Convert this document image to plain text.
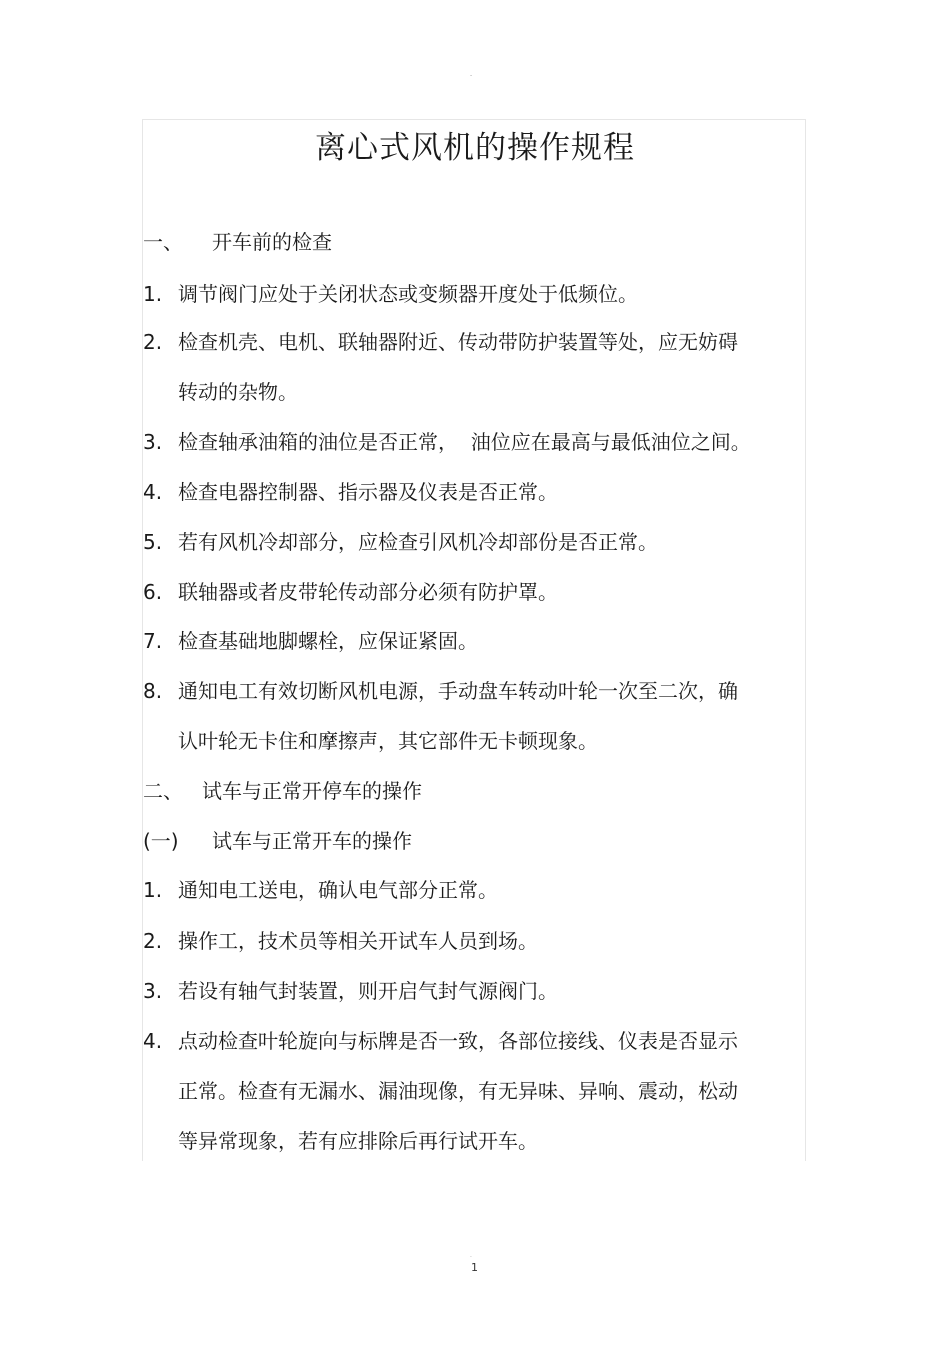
-
离心式风机的操作规程
一、 开车前的检查
1. 调节阀门应处于关闭状态或变频器开度处于低频位。
2. 检查机壳、电机、联轴器附近、传动带防护装置等处，应无妨碍
转动的杂物。
3. 检查轴承油箱的油位是否正常，  油位应在最高与最低油位之间。
4. 检查电器控制器、指示器及仪表是否正常。
5. 若有风机冷却部分，应检查引风机冷却部份是否正常。
6. 联轴器或者皮带轮传动部分必须有防护罩。
7. 检查基础地脚螺栓，应保证紧固。
8. 通知电工有效切断风机电源，手动盘车转动叶轮一次至二次，确
认叶轮无卡住和摩擦声，其它部件无卡顿现象。
二、 试车与正常开停车的操作
(一) 试车与正常开车的操作
1. 通知电工送电，确认电气部分正常。
2. 操作工，技术员等相关开试车人员到场。
3. 若设有轴气封装置，则开启气封气源阀门。
4. 点动检查叶轮旋向与标牌是否一致，各部位接线、仪表是否显示
正常。检查有无漏水、漏油现像，有无异味、异响、震动，松动
等异常现象，若有应排除后再行试开车。
·
1
